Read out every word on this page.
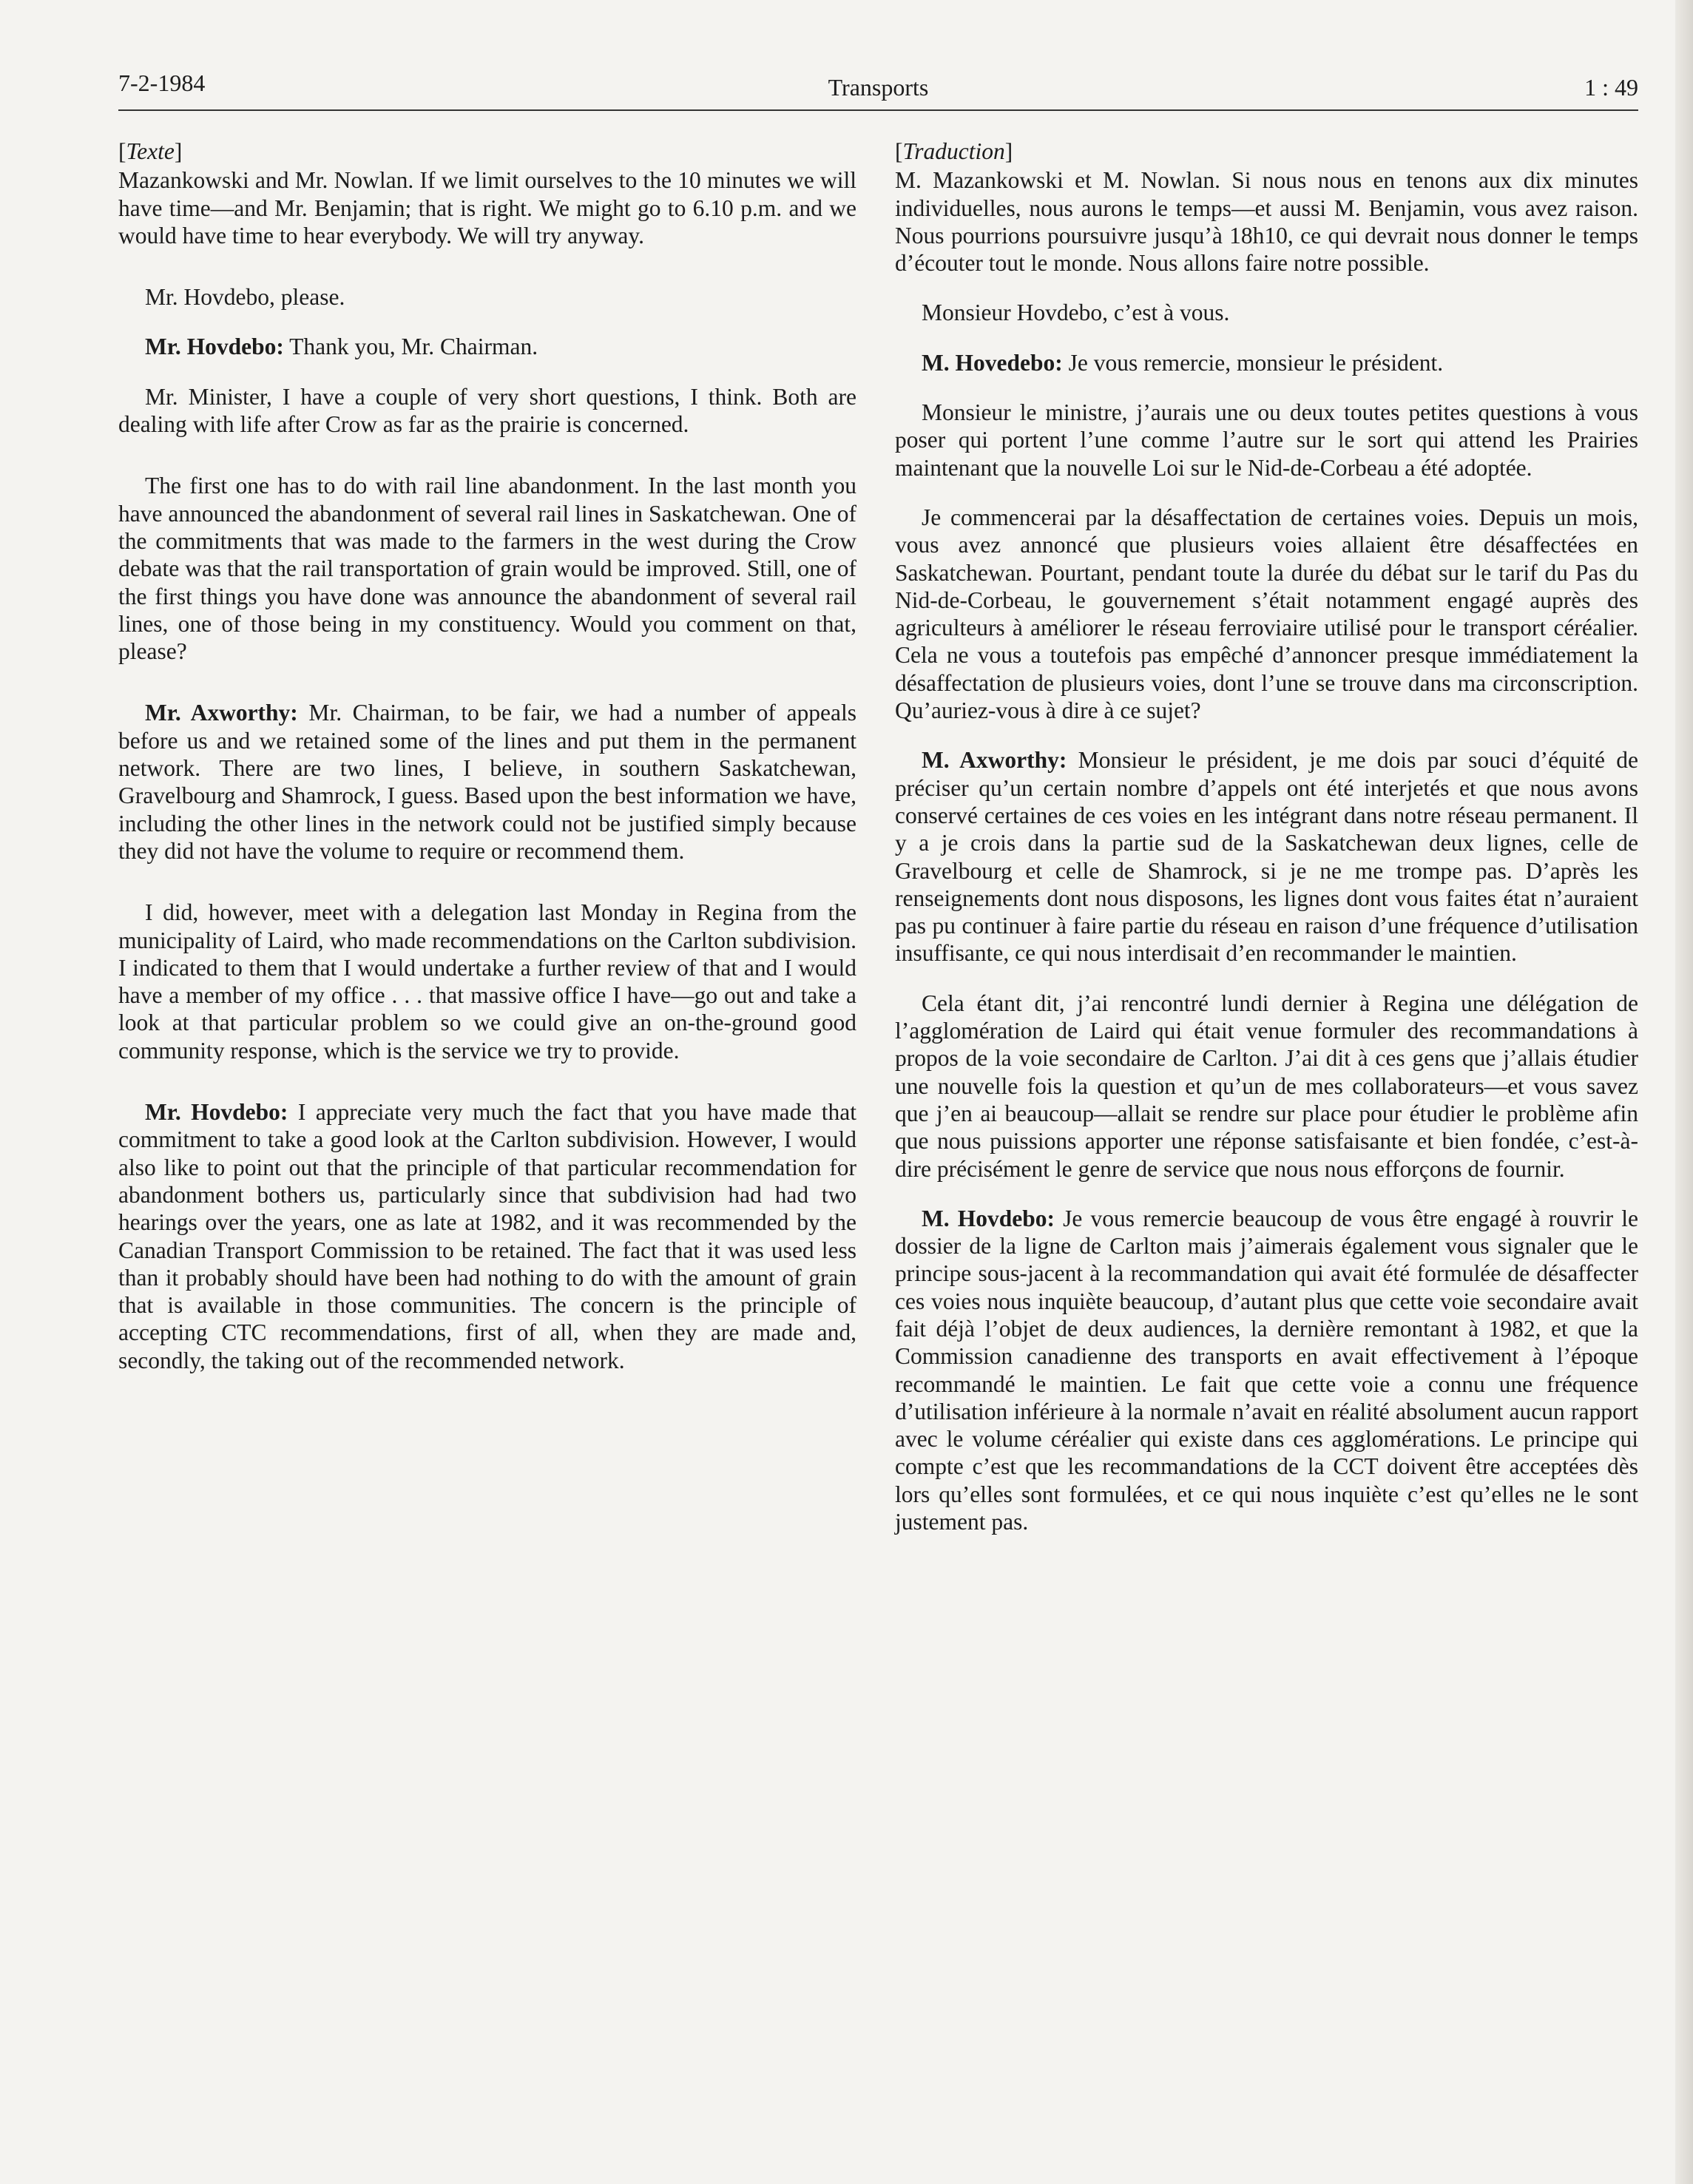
7-2-1984	Transports	1 : 49
[Texte]

Mazankowski and Mr. Nowlan. If we limit ourselves to the 10 minutes we will have time—and Mr. Benjamin; that is right. We might go to 6.10 p.m. and we would have time to hear everybody. We will try anyway.

Mr. Hovdebo, please.

Mr. Hovdebo: Thank you, Mr. Chairman.

Mr. Minister, I have a couple of very short questions, I think. Both are dealing with life after Crow as far as the prairie is concerned.

The first one has to do with rail line abandonment. In the last month you have announced the abandonment of several rail lines in Saskatchewan. One of the commitments that was made to the farmers in the west during the Crow debate was that the rail transportation of grain would be improved. Still, one of the first things you have done was announce the abandonment of several rail lines, one of those being in my constituency. Would you comment on that, please?

Mr. Axworthy: Mr. Chairman, to be fair, we had a number of appeals before us and we retained some of the lines and put them in the permanent network. There are two lines, I believe, in southern Saskatchewan, Gravelbourg and Shamrock, I guess. Based upon the best information we have, including the other lines in the network could not be justified simply because they did not have the volume to require or recommend them.

I did, however, meet with a delegation last Monday in Regina from the municipality of Laird, who made recommendations on the Carlton subdivision. I indicated to them that I would undertake a further review of that and I would have a member of my office . . . that massive office I have—go out and take a look at that particular problem so we could give an on-the-ground good community response, which is the service we try to provide.

Mr. Hovdebo: I appreciate very much the fact that you have made that commitment to take a good look at the Carlton subdivision. However, I would also like to point out that the principle of that particular recommendation for abandonment bothers us, particularly since that subdivision had had two hearings over the years, one as late at 1982, and it was recommended by the Canadian Transport Commission to be retained. The fact that it was used less than it probably should have been had nothing to do with the amount of grain that is available in those communities. The concern is the principle of accepting CTC recommendations, first of all, when they are made and, secondly, the taking out of the recommended network.

[Traduction]

M. Mazankowski et M. Nowlan. Si nous nous en tenons aux dix minutes individuelles, nous aurons le temps—et aussi M. Benjamin, vous avez raison. Nous pourrions poursuivre jusqu’à 18h10, ce qui devrait nous donner le temps d’écouter tout le monde. Nous allons faire notre possible.

Monsieur Hovdebo, c’est à vous.

M. Hovedebo: Je vous remercie, monsieur le président.

Monsieur le ministre, j’aurais une ou deux toutes petites questions à vous poser qui portent l’une comme l’autre sur le sort qui attend les Prairies maintenant que la nouvelle Loi sur le Nid-de-Corbeau a été adoptée.

Je commencerai par la désaffectation de certaines voies. Depuis un mois, vous avez annoncé que plusieurs voies allaient être désaffectées en Saskatchewan. Pourtant, pendant toute la durée du débat sur le tarif du Pas du Nid-de-Corbeau, le gouvernement s’était notamment engagé auprès des agriculteurs à améliorer le réseau ferroviaire utilisé pour le transport céréalier. Cela ne vous a toutefois pas empêché d’annoncer presque immédiatement la désaffectation de plusieurs voies, dont l’une se trouve dans ma circonscription. Qu’auriez-vous à dire à ce sujet?

M. Axworthy: Monsieur le président, je me dois par souci d’équité de préciser qu’un certain nombre d’appels ont été interjetés et que nous avons conservé certaines de ces voies en les intégrant dans notre réseau permanent. Il y a je crois dans la partie sud de la Saskatchewan deux lignes, celle de Gravelbourg et celle de Shamrock, si je ne me trompe pas. D’après les renseignements dont nous disposons, les lignes dont vous faites état n’auraient pas pu continuer à faire partie du réseau en raison d’une fréquence d’utilisation insuffisante, ce qui nous interdisait d’en recommander le maintien.

Cela étant dit, j’ai rencontré lundi dernier à Regina une délégation de l’agglomération de Laird qui était venue formuler des recommandations à propos de la voie secondaire de Carlton. J’ai dit à ces gens que j’allais étudier une nouvelle fois la question et qu’un de mes collaborateurs—et vous savez que j’en ai beaucoup—allait se rendre sur place pour étudier le problème afin que nous puissions apporter une réponse satisfaisante et bien fondée, c’est-à-dire précisément le genre de service que nous nous efforçons de fournir.

M. Hovdebo: Je vous remercie beaucoup de vous être engagé à rouvrir le dossier de la ligne de Carlton mais j’aimerais également vous signaler que le principe sous-jacent à la recommandation qui avait été formulée de désaffecter ces voies nous inquiète beaucoup, d’autant plus que cette voie secondaire avait fait déjà l’objet de deux audiences, la dernière remontant à 1982, et que la Commission canadienne des transports en avait effectivement à l’époque recommandé le maintien. Le fait que cette voie a connu une fréquence d’utilisation inférieure à la normale n’avait en réalité absolument aucun rapport avec le volume céréalier qui existe dans ces agglomérations. Le principe qui compte c’est que les recommandations de la CCT doivent être acceptées dès lors qu’elles sont formulées, et ce qui nous inquiète c’est qu’elles ne le sont justement pas.
